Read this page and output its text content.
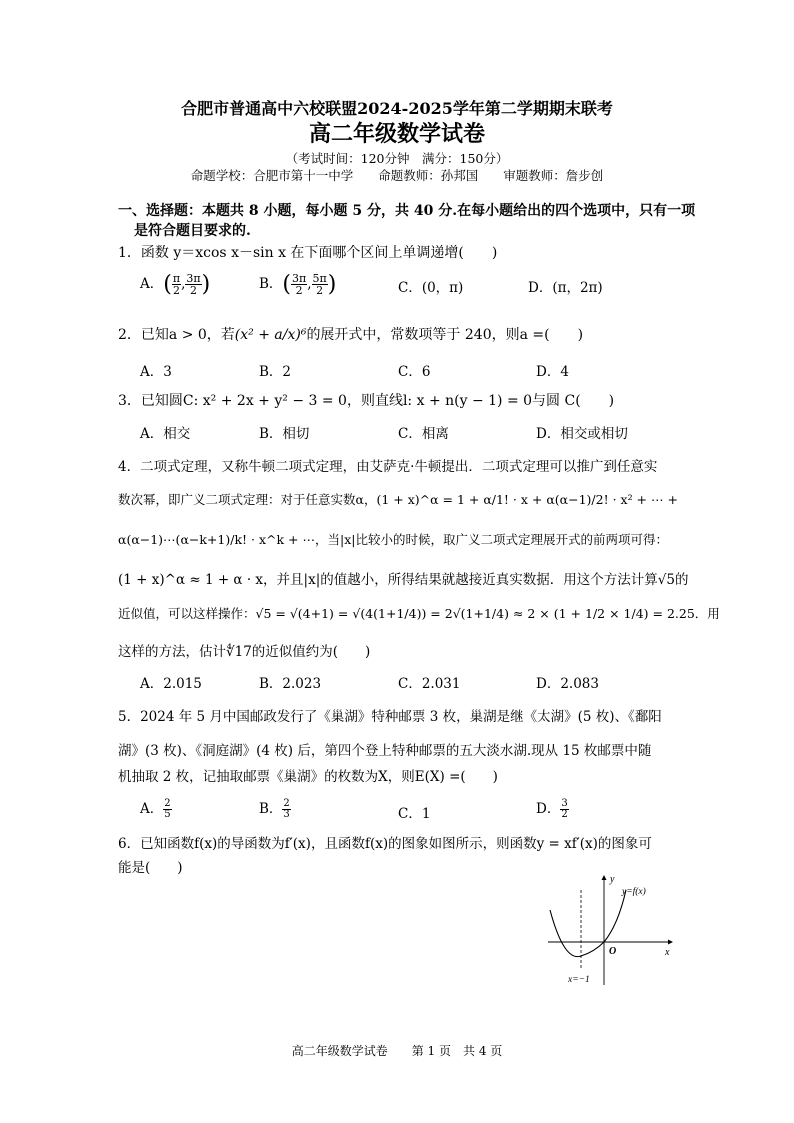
合肥市普通高中六校联盟2024-2025学年第二学期期末联考
高二年级数学试卷
（考试时间：120分钟　满分：150分）
命题学校：合肥市第十一中学　　命题教师：孙邦国　　审题教师：詹步创
一、选择题：本题共 8 小题，每小题 5 分，共 40 分.在每小题给出的四个选项中，只有一项
是符合题目要求的.
1．函数 y＝xcos x－sin x 在下面哪个区间上单调递增(　　)
A．( $\frac{\pi}{2}$ , $\frac{3\pi}{2}$ )	B．( $\frac{3\pi}{2}$ , $\frac{5\pi}{2}$ )	C．(0，π)	D．(π，2π)
2．已知a > 0，若(x² + a/x)⁶的展开式中，常数项等于 240，则a =(　　)
A．3	B．2	C．6	D．4
3．已知圆C: x² + 2x + y² − 3 = 0，则直线l: x + n(y − 1) = 0与圆 C(　　)
A．相交	B．相切	C．相离	D．相交或相切
4．二项式定理，又称牛顿二项式定理，由艾萨克·牛顿提出．二项式定理可以推广到任意实
数次幂，即广义二项式定理：对于任意实数α，(1 + x)^α = 1 + α/1! · x + α(α−1)/2! · x² + ⋯ +
α(α−1)⋯(α−k+1)/k! · x^k + ⋯，当|x|比较小的时候，取广义二项式定理展开式的前两项可得：
(1 + x)^α ≈ 1 + α · x，并且|x|的值越小，所得结果就越接近真实数据．用这个方法计算√5的
近似值，可以这样操作：√5 = √(4+1) = √(4(1+1/4)) = 2√(1+1/4) ≈ 2 × (1 + 1/2 × 1/4) = 2.25．用
这样的方法，估计∜17的近似值约为(　　)
A．2.015	B．2.023	C．2.031	D．2.083
5．2024 年 5 月中国邮政发行了《巢湖》特种邮票 3 枚，巢湖是继《太湖》(5 枚)、《鄱阳
湖》(3 枚)、《洞庭湖》(4 枚) 后，第四个登上特种邮票的五大淡水湖.现从 15 枚邮票中随
机抽取 2 枚，记抽取邮票《巢湖》的枚数为X，则E(X) =(　　)
A． $\frac{2}{5}$	B． $\frac{2}{3}$	C．1	D． $\frac{3}{2}$
6．已知函数f(x)的导函数为f′(x)，且函数f(x)的图象如图所示，则函数y = xf′(x)的图象可
能是(　　)
y
x
O
y=f(x)
x=−1
高二年级数学试卷　　第 1 页　共 4 页
